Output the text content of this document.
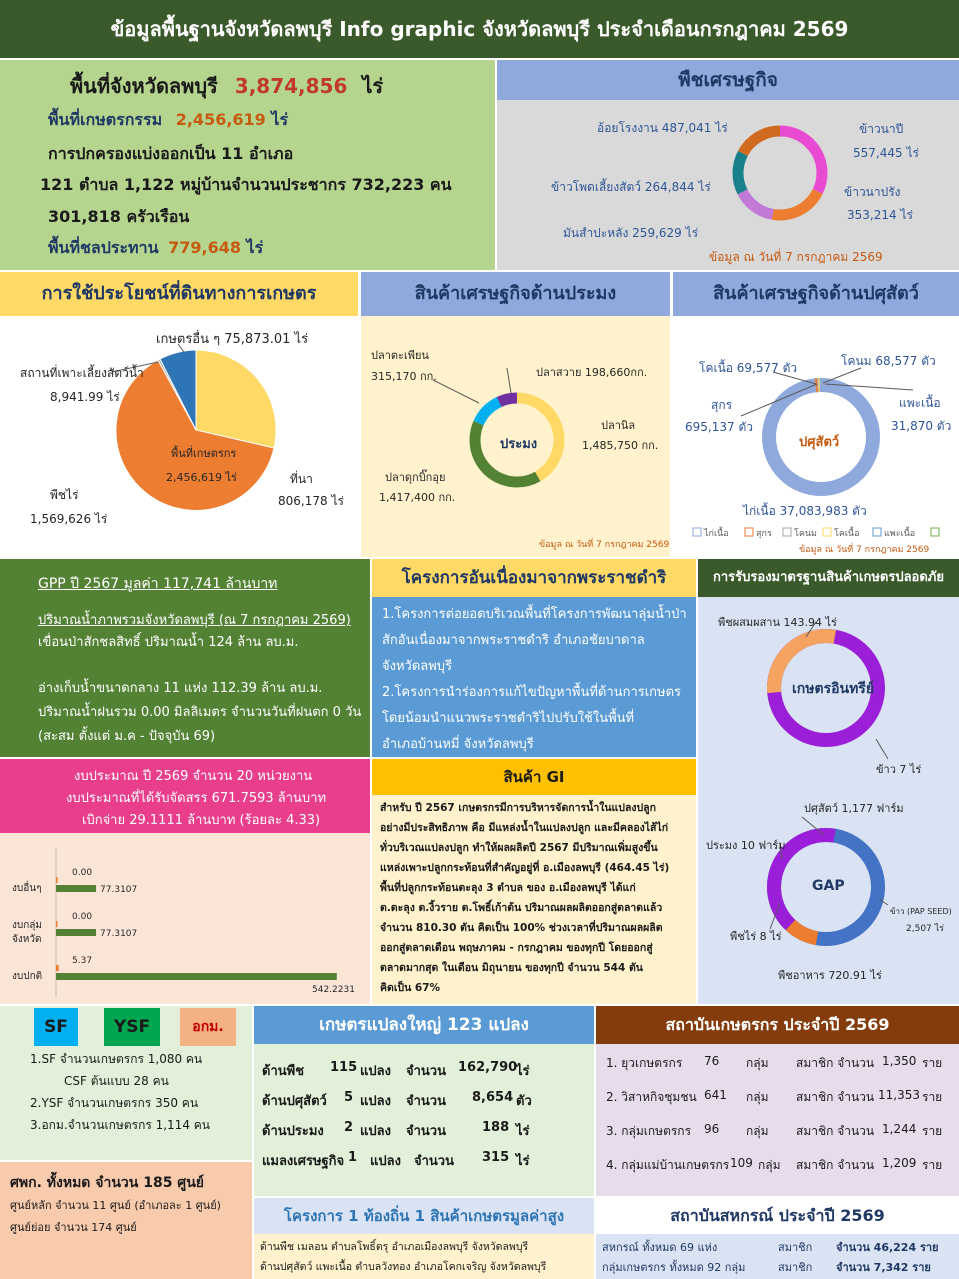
ข้อมูลพื้นฐานจังหวัดลพบุรี Info graphic จังหวัดลพบุรี ประจำเดือนกรกฎาคม 2569
พื้นที่จังหวัดลพบุรี 3,874,856 ไร่
พื้นที่เกษตรกรรม 2,456,619 ไร่
การปกครองแบ่งออกเป็น 11 อำเภอ
121 ตำบล 1,122 หมู่บ้านจำนวนประชากร 732,223 คน
301,818 ครัวเรือน
พื้นที่ชลประทาน 779,648 ไร่
พืชเศรษฐกิจ
อ้อยโรงงาน 487,041 ไร่	ข้าวนาปี
557,445 ไร่
ข้าวโพดเลี้ยงสัตว์ 264,844 ไร่	ข้าวนาปรัง
353,214 ไร่
มันสำปะหลัง 259,629 ไร่
ข้อมูล ณ วันที่ 7 กรกฎาคม 2569
การใช้ประโยชน์ที่ดินทางการเกษตร
เกษตรอื่น ๆ 75,873.01 ไร่
สถานที่เพาะเลี้ยงสัตว์น้ำ
8,941.99 ไร่
พืชไร่
1,569,626 ไร่
ที่นา
806,178 ไร่
พื้นที่เกษตรกร
2,456,619 ไร่
สินค้าเศรษฐกิจด้านประมง
ประมง
ปลาตะเพียน
315,170 กก.	ปลาสวาย 198,660กก.
ปลานิล
1,485,750 กก.
ปลาดุกบิ๊กอุย
1,417,400 กก.
ข้อมูล ณ วันที่ 7 กรกฎาคม 2569
สินค้าเศรษฐกิจด้านปศุสัตว์
ปศุสัตว์
โคเนื้อ 69,577 ตัว	โคนม 68,577 ตัว
สุกร
695,137 ตัว
แพะเนื้อ
31,870 ตัว
ไก่เนื้อ 37,083,983 ตัว
ไก่เนื้อ	สุกร โคนม โคเนื้อ	แพะเนื้อ
ข้อมูล ณ วันที่ 7 กรกฎาคม 2569
GPP ปี 2567 มูลค่า 117,741 ล้านบาท
ปริมาณน้ำภาพรวมจังหวัดลพบุรี (ณ 7 กรกฎาคม 2569)
เขื่อนป่าสักชลสิทธิ์ ปริมาณน้ำ 124 ล้าน ลบ.ม.
อ่างเก็บน้ำขนาดกลาง 11 แห่ง 112.39 ล้าน ลบ.ม.
ปริมาณน้ำฝนรวม 0.00 มิลลิเมตร จำนวนวันที่ฝนตก 0 วัน
(สะสม ตั้งแต่ ม.ค - ปัจจุบัน 69)
โครงการอันเนื่องมาจากพระราชดำริ
1.โครงการต่อยอดบริเวณพื้นที่โครงการพัฒนาลุ่มน้ำป่า
สักอันเนื่องมาจากพระราชดำริ อำเภอชัยบาดาล
จังหวัดลพบุรี
2.โครงการนำร่องการแก้ไขปัญหาพื้นที่ด้านการเกษตร
โดยน้อมนำแนวพระราชดำริไปปรับใช้ในพื้นที่
อำเภอบ้านหมี่ จังหวัดลพบุรี
การรับรองมาตรฐานสินค้าเกษตรปลอดภัย
พืชผสมผสาน 143.94 ไร่
เกษตรอินทรีย์
ข้าว 7 ไร่
ปศุสัตว์ 1,177 ฟาร์ม
ประมง 10 ฟาร์ม
GAP
ข้าว (PAP SEED)
2,507 ไร่
พืชไร่ 8 ไร่
พืชอาหาร 720.91 ไร่
งบประมาณ ปี 2569 จำนวน 20 หน่วยงาน
งบประมาณที่ได้รับจัดสรร 671.7593 ล้านบาท
เบิกจ่าย 29.1111 ล้านบาท (ร้อยละ 4.33)
งบอื่นๆ
0.00
77.3107
งบกลุ่ม
จังหวัด
0.00
77.3107
งบปกติ
5.37
542.2231
สินค้า GI
สำหรับ ปี 2567 เกษตรกรมีการบริหารจัดการน้ำในแปลงปลูก
อย่างมีประสิทธิภาพ คือ มีแหล่งน้ำในแปลงปลูก และมีคลองไส้ไก่
ทั่วบริเวณแปลงปลูก ทำให้ผลผลิตปี 2567 มีปริมาณเพิ่มสูงขึ้น
แหล่งเพาะปลูกกระท้อนที่สำคัญอยู่ที่ อ.เมืองลพบุรี (464.45 ไร่)
พื้นที่ปลูกกระท้อนตะลุง 3 ตำบล ของ อ.เมืองลพบุรี ได้แก่
ต.ตะลุง ต.งิ้วราย ต.โพธิ์เก้าต้น ปริมาณผลผลิตออกสู่ตลาดแล้ว
จำนวน 810.30 ตัน คิดเป็น 100% ช่วงเวลาที่ปริมาณผลผลิต
ออกสู่ตลาดเดือน พฤษภาคม - กรกฎาคม ของทุกปี โดยออกสู่
ตลาดมากสุด ในเดือน มิถุนายน ของทุกปี จำนวน 544 ตัน
คิดเป็น 67%
SF	YSF	อกม.
1.SF จำนวนเกษตรกร 1,080 คน
CSF ต้นแบบ 28 คน
2.YSF จำนวนเกษตรกร 350 คน
3.อกม.จำนวนเกษตรกร 1,114 คน
ศพก. ทั้งหมด จำนวน 185 ศูนย์
ศูนย์หลัก จำนวน 11 ศูนย์ (อำเภอละ 1 ศูนย์)
ศูนย์ย่อย จำนวน 174 ศูนย์
เกษตรแปลงใหญ่ 123 แปลง
ด้านพืช 115 แปลง จำนวน 162,790
ไร่
ด้านปศุสัตว์ 5 แปลง จำนวน 8,654 ตัว
ด้านประมง 2 แปลง จำนวน	188 ไร่
แมลงเศรษฐกิจ 1 แปลง จำนวน 315 ไร่
โครงการ 1 ท้องถิ่น 1 สินค้าเกษตรมูลค่าสูง
ด้านพืช เมลอน ตำบลโพธิ์ตรุ อำเภอเมืองลพบุรี จังหวัดลพบุรี
ด้านปศุสัตว์ แพะเนื้อ ตำบลวังทอง อำเภอโคกเจริญ จังหวัดลพบุรี
สถาบันเกษตรกร ประจำปี 2569
1. ยุวเกษตรกร 76 กลุ่ม สมาชิก จำนวน 1,350 ราย
2. วิสาหกิจชุมชน 641 กลุ่ม สมาชิก จำนวน 11,353 ราย
3. กลุ่มเกษตรกร 96 กลุ่ม สมาชิก จำนวน 1,244 ราย
4. กลุ่มแม่บ้านเกษตรกร 109 กลุ่ม สมาชิก จำนวน 1,209 ราย
สถาบันสหกรณ์ ประจำปี 2569
สหกรณ์ ทั้งหมด 69 แห่ง	สมาชิก จำนวน 46,224 ราย
กลุ่มเกษตรกร ทั้งหมด 92 กลุ่ม	สมาชิก จำนวน 7,342 ราย
